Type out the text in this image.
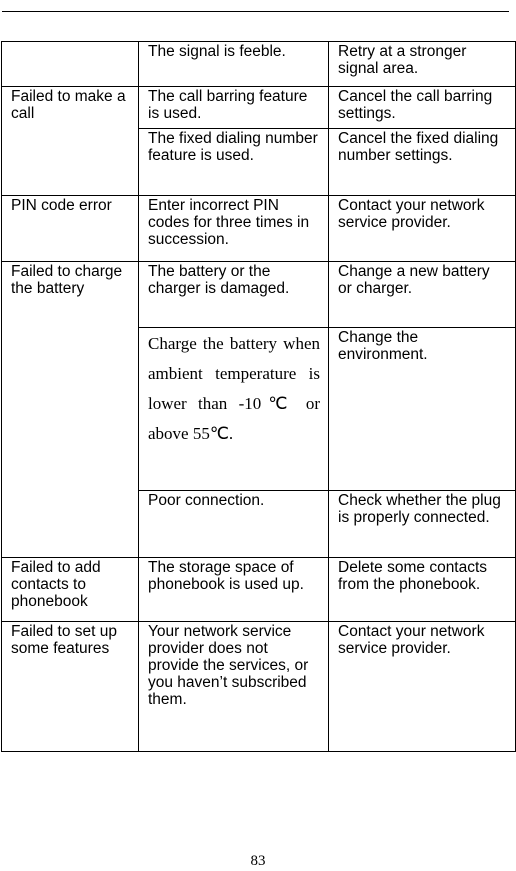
	The signal is feeble.	Retry at a stronger signal area.
Failed to make a call	The call barring feature is used.	Cancel the call barring settings.
	The fixed dialing number feature is used.	Cancel the fixed dialing number settings.
PIN code error	Enter incorrect PIN codes for three times in succession.	Contact your network service provider.
Failed to charge the battery	The battery or the charger is damaged.	Change a new battery or charger.
	Charge the battery when ambient temperature is lower than -10℃ or above 55℃.	Change the environment.
	Poor connection.	Check whether the plug is properly connected.
Failed to add contacts to phonebook	The storage space of phonebook is used up.	Delete some contacts from the phonebook.
Failed to set up some features	Your network service provider does not provide the services, or you haven’t subscribed them.	Contact your network service provider.
83
